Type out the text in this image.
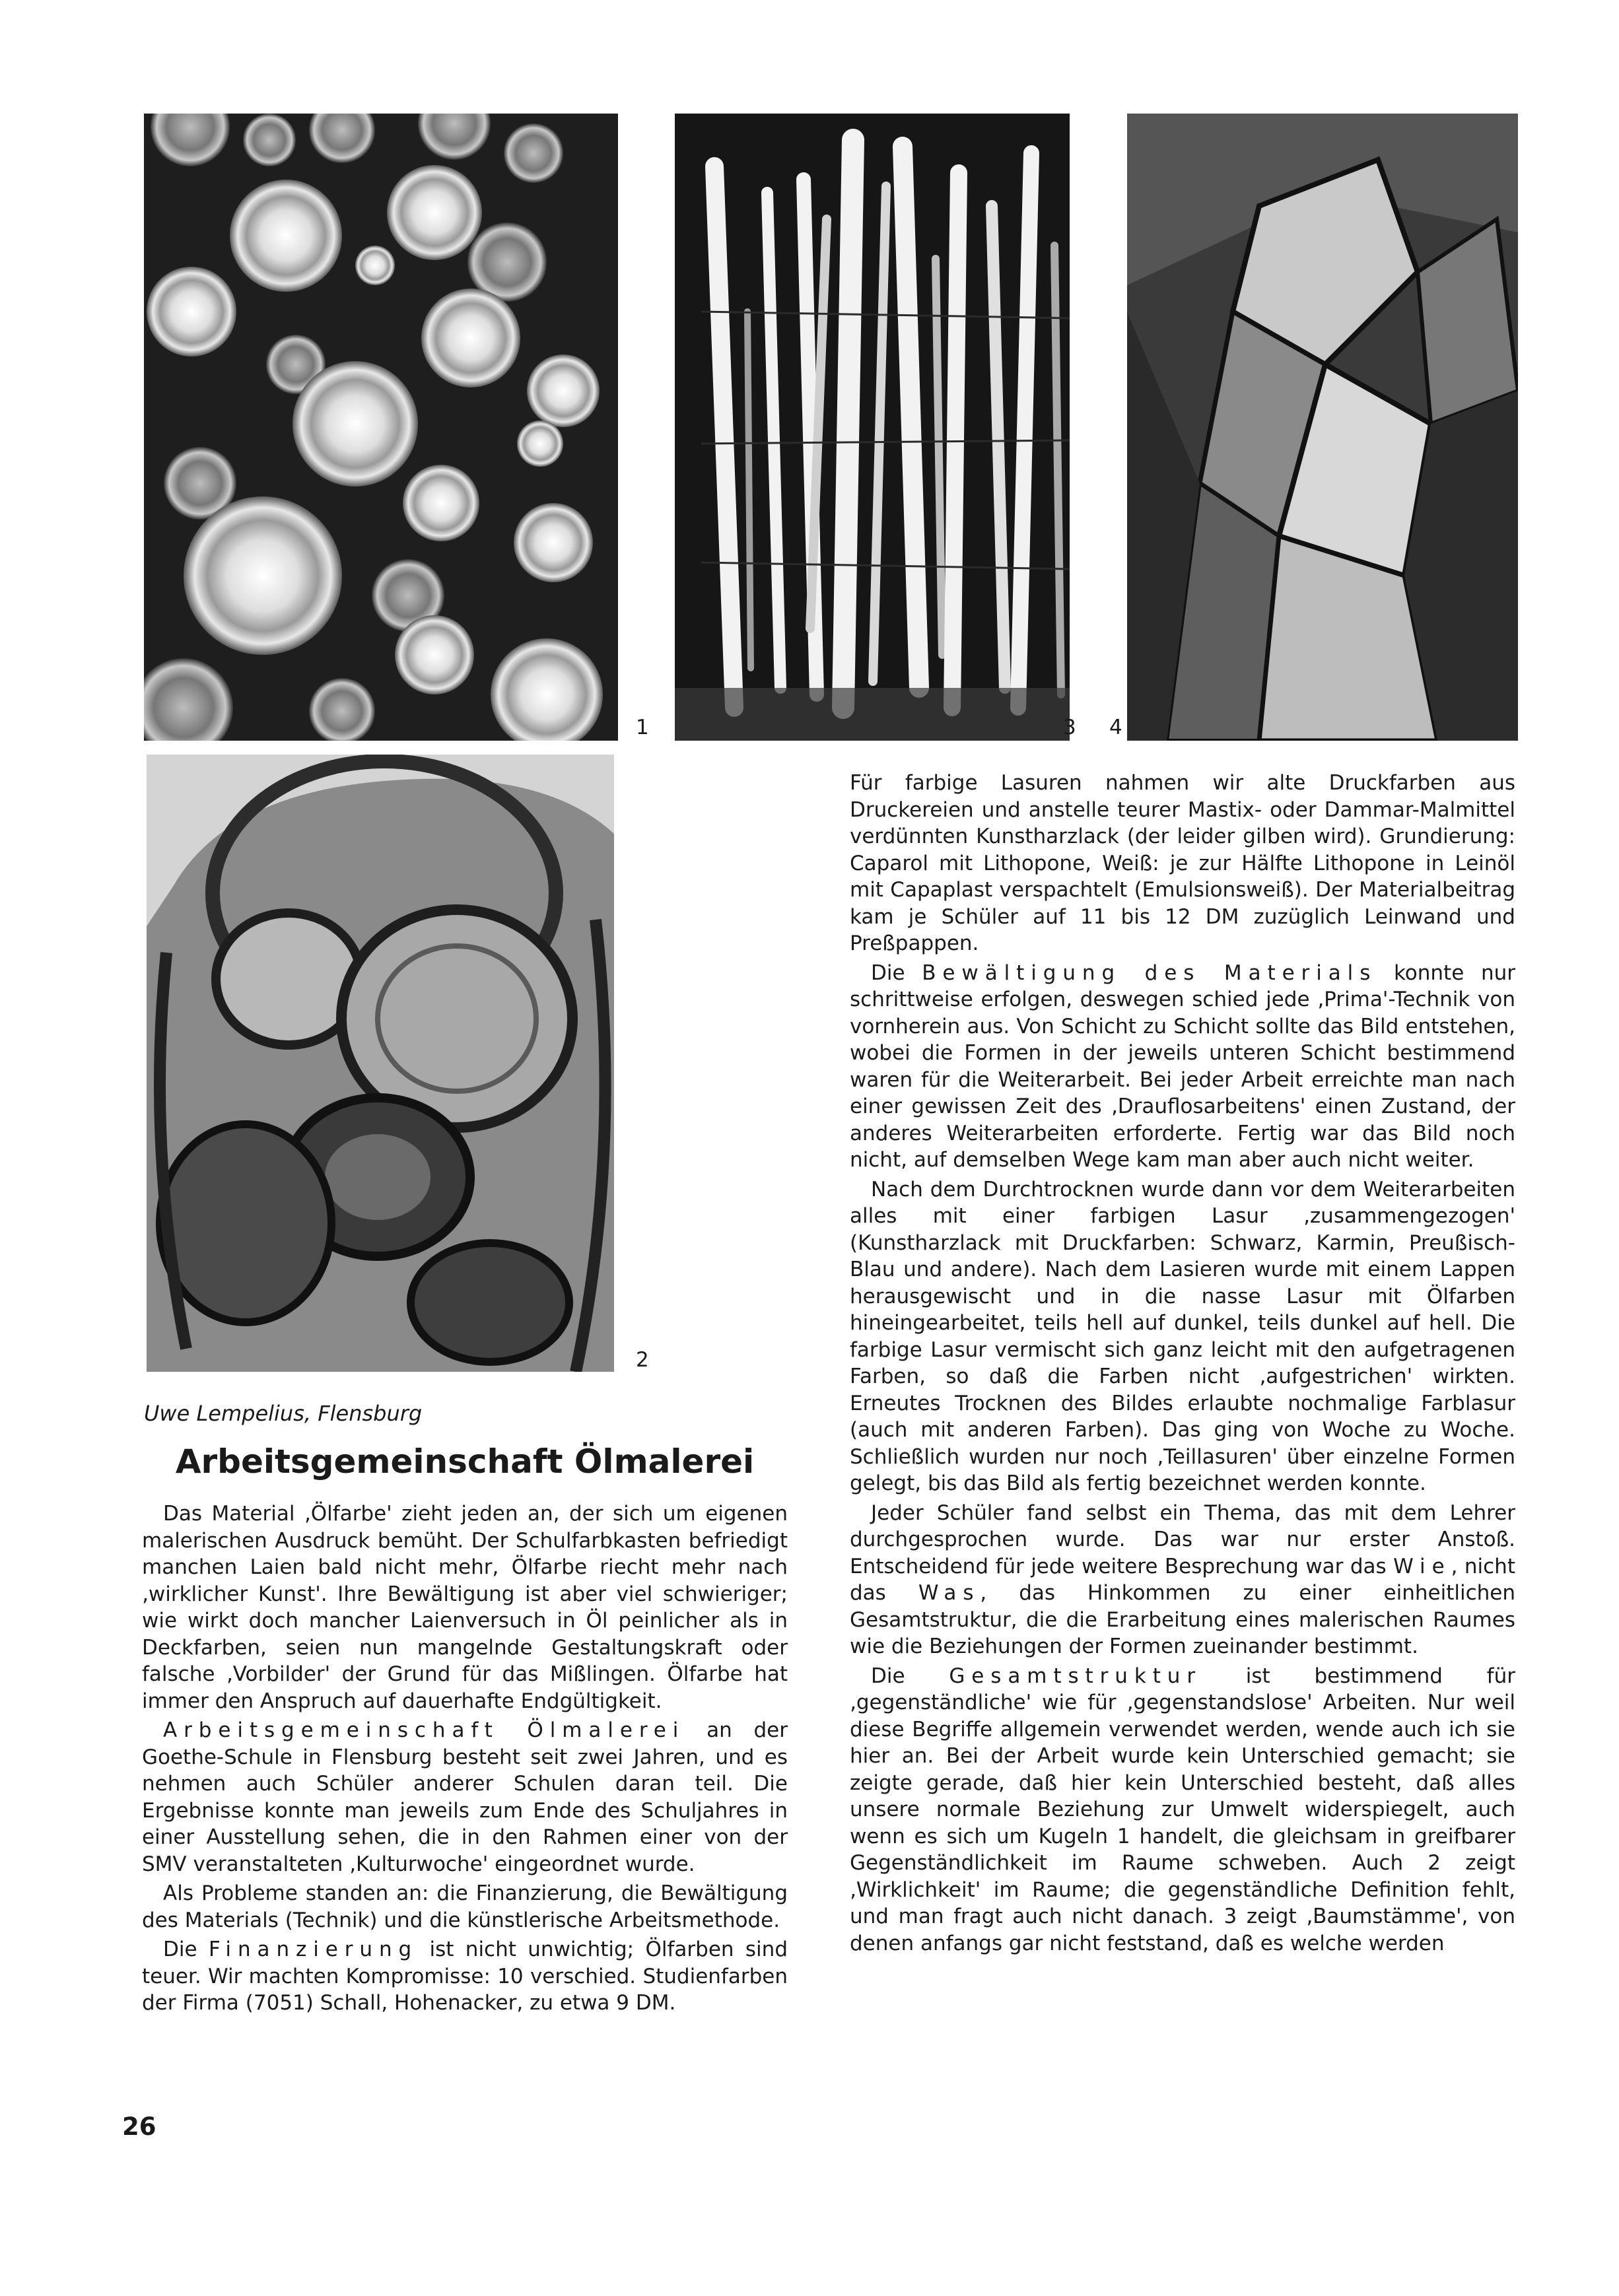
1	3 4
2
Uwe Lempelius, Flensburg
Arbeitsgemeinschaft Ölmalerei

Das Material ‚Ölfarbe' zieht jeden an, der sich um eigenen malerischen Ausdruck bemüht. Der Schulfarbkasten befriedigt manchen Laien bald nicht mehr, Ölfarbe riecht mehr nach ‚wirklicher Kunst'. Ihre Bewältigung ist aber viel schwieriger; wie wirkt doch mancher Laienversuch in Öl peinlicher als in Deckfarben, seien nun mangelnde Gestaltungskraft oder falsche ‚Vorbilder' der Grund für das Mißlingen. Ölfarbe hat immer den Anspruch auf dauerhafte Endgültigkeit.

Arbeitsgemeinschaft Ölmalerei an der Goethe-Schule in Flensburg besteht seit zwei Jahren, und es nehmen auch Schüler anderer Schulen daran teil. Die Ergebnisse konnte man jeweils zum Ende des Schuljahres in einer Ausstellung sehen, die in den Rahmen einer von der SMV veranstalteten ‚Kulturwoche' eingeordnet wurde.

Als Probleme standen an: die Finanzierung, die Bewältigung des Materials (Technik) und die künstlerische Arbeitsmethode.

Die Finanzierung ist nicht unwichtig; Ölfarben sind teuer. Wir machten Kompromisse: 10 verschied. Studienfarben der Firma (7051) Schall, Hohenacker, zu etwa 9 DM.

Für farbige Lasuren nahmen wir alte Druckfarben aus Druckereien und anstelle teurer Mastix- oder Dammar-Malmittel verdünnten Kunstharzlack (der leider gilben wird). Grundierung: Caparol mit Lithopone, Weiß: je zur Hälfte Lithopone in Leinöl mit Capaplast verspachtelt (Emulsionsweiß). Der Materialbeitrag kam je Schüler auf 11 bis 12 DM zuzüglich Leinwand und Preßpappen.

Die Bewältigung des Materials konnte nur schrittweise erfolgen, deswegen schied jede ‚Prima'-Technik von vornherein aus. Von Schicht zu Schicht sollte das Bild entstehen, wobei die Formen in der jeweils unteren Schicht bestimmend waren für die Weiterarbeit. Bei jeder Arbeit erreichte man nach einer gewissen Zeit des ‚Drauflosarbeitens' einen Zustand, der anderes Weiterarbeiten erforderte. Fertig war das Bild noch nicht, auf demselben Wege kam man aber auch nicht weiter.

Nach dem Durchtrocknen wurde dann vor dem Weiterarbeiten alles mit einer farbigen Lasur ‚zusammengezogen' (Kunstharzlack mit Druckfarben: Schwarz, Karmin, Preußisch-Blau und andere). Nach dem Lasieren wurde mit einem Lappen herausgewischt und in die nasse Lasur mit Ölfarben hineingearbeitet, teils hell auf dunkel, teils dunkel auf hell. Die farbige Lasur vermischt sich ganz leicht mit den aufgetragenen Farben, so daß die Farben nicht ‚aufgestrichen' wirkten. Erneutes Trocknen des Bildes erlaubte nochmalige Farblasur (auch mit anderen Farben). Das ging von Woche zu Woche. Schließlich wurden nur noch ‚Teillasuren' über einzelne Formen gelegt, bis das Bild als fertig bezeichnet werden konnte.

Jeder Schüler fand selbst ein Thema, das mit dem Lehrer durchgesprochen wurde. Das war nur erster Anstoß. Entscheidend für jede weitere Besprechung war das Wie, nicht das Was, das Hinkommen zu einer einheitlichen Gesamtstruktur, die die Erarbeitung eines malerischen Raumes wie die Beziehungen der Formen zueinander bestimmt.

Die Gesamtstruktur ist bestimmend für ‚gegenständliche' wie für ‚gegenstandslose' Arbeiten. Nur weil diese Begriffe allgemein verwendet werden, wende auch ich sie hier an. Bei der Arbeit wurde kein Unterschied gemacht; sie zeigte gerade, daß hier kein Unterschied besteht, daß alles unsere normale Beziehung zur Umwelt widerspiegelt, auch wenn es sich um Kugeln 1 handelt, die gleichsam in greifbarer Gegenständlichkeit im Raume schweben. Auch 2 zeigt ‚Wirklichkeit' im Raume; die gegenständliche Definition fehlt, und man fragt auch nicht danach. 3 zeigt ‚Baumstämme', von denen anfangs gar nicht feststand, daß es welche werden

26
